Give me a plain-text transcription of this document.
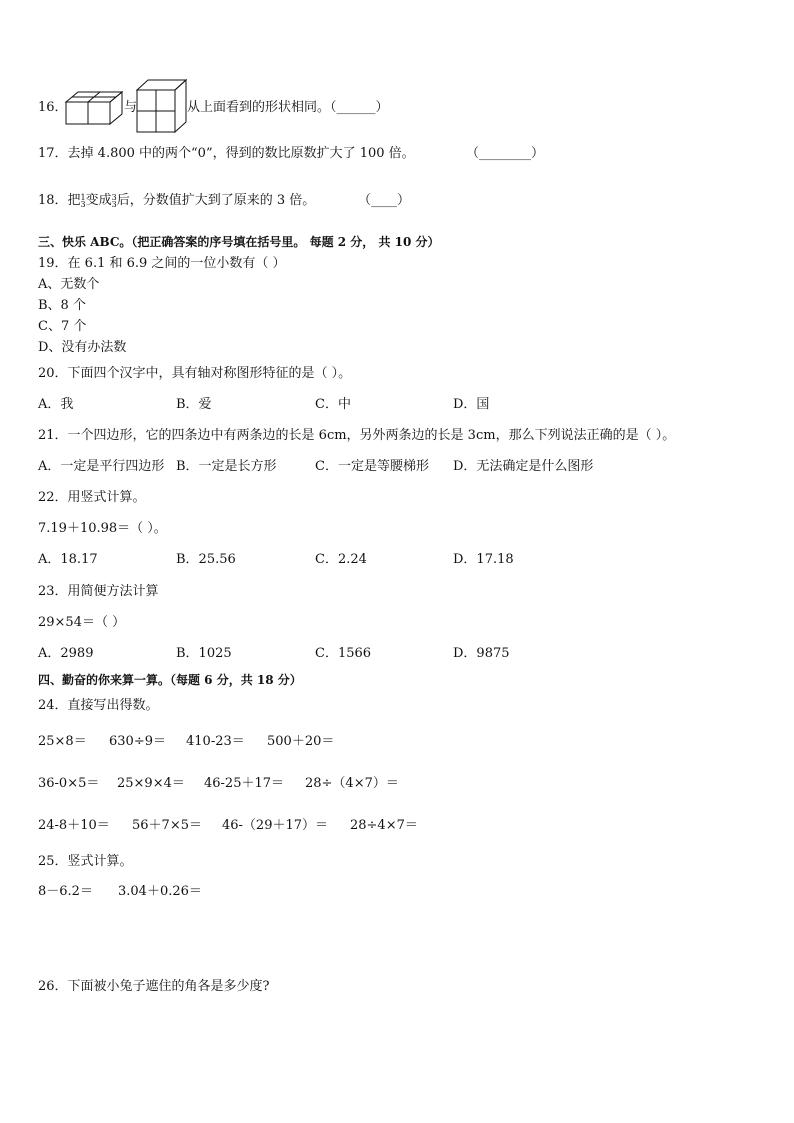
16．	与	从上面看到的形状相同。（______）
17．去掉 4.800 中的两个“0”，得到的数比原数扩大了 100 倍。	（________）
18．把1
3变成3
3后，分数值扩大到了原来的 3 倍。	（____）
三、快乐 ABC。（把正确答案的序号填在括号里。 每题 2 分， 共 10 分）
19．在 6.1 和 6.9 之间的一位小数有（ ）
A、无数个
B、8 个
C、7 个
D、没有办法数
20．下面四个汉字中，具有轴对称图形特征的是（ ）。
A．我	B．爱	C．中	D．国
21．一个四边形，它的四条边中有两条边的长是 6cm，另外两条边的长是 3cm，那么下列说法正确的是（ ）。
A．一定是平行四边形 B．一定是长方形	C．一定是等腰梯形 D．无法确定是什么图形
22．用竖式计算。
7.19＋10.98＝（ ）。
A．18.17	B．25.56	C．2.24	D．17.18
23．用简便方法计算
29×54＝（ ）
A．2989	B．1025	C．1566	D．9875
四、勤奋的你来算一算。（每题 6 分，共 18 分）
24．直接写出得数。
25×8＝ 630÷9＝ 410-23＝ 500＋20＝
36-0×5＝ 25×9×4＝ 46-25＋17＝ 28÷（4×7）＝
24-8＋10＝ 56＋7×5＝ 46-（29＋17）＝ 28÷4×7＝
25．竖式计算。
8－6.2＝ 3.04＋0.26＝
26．下面被小兔子遮住的角各是多少度?
